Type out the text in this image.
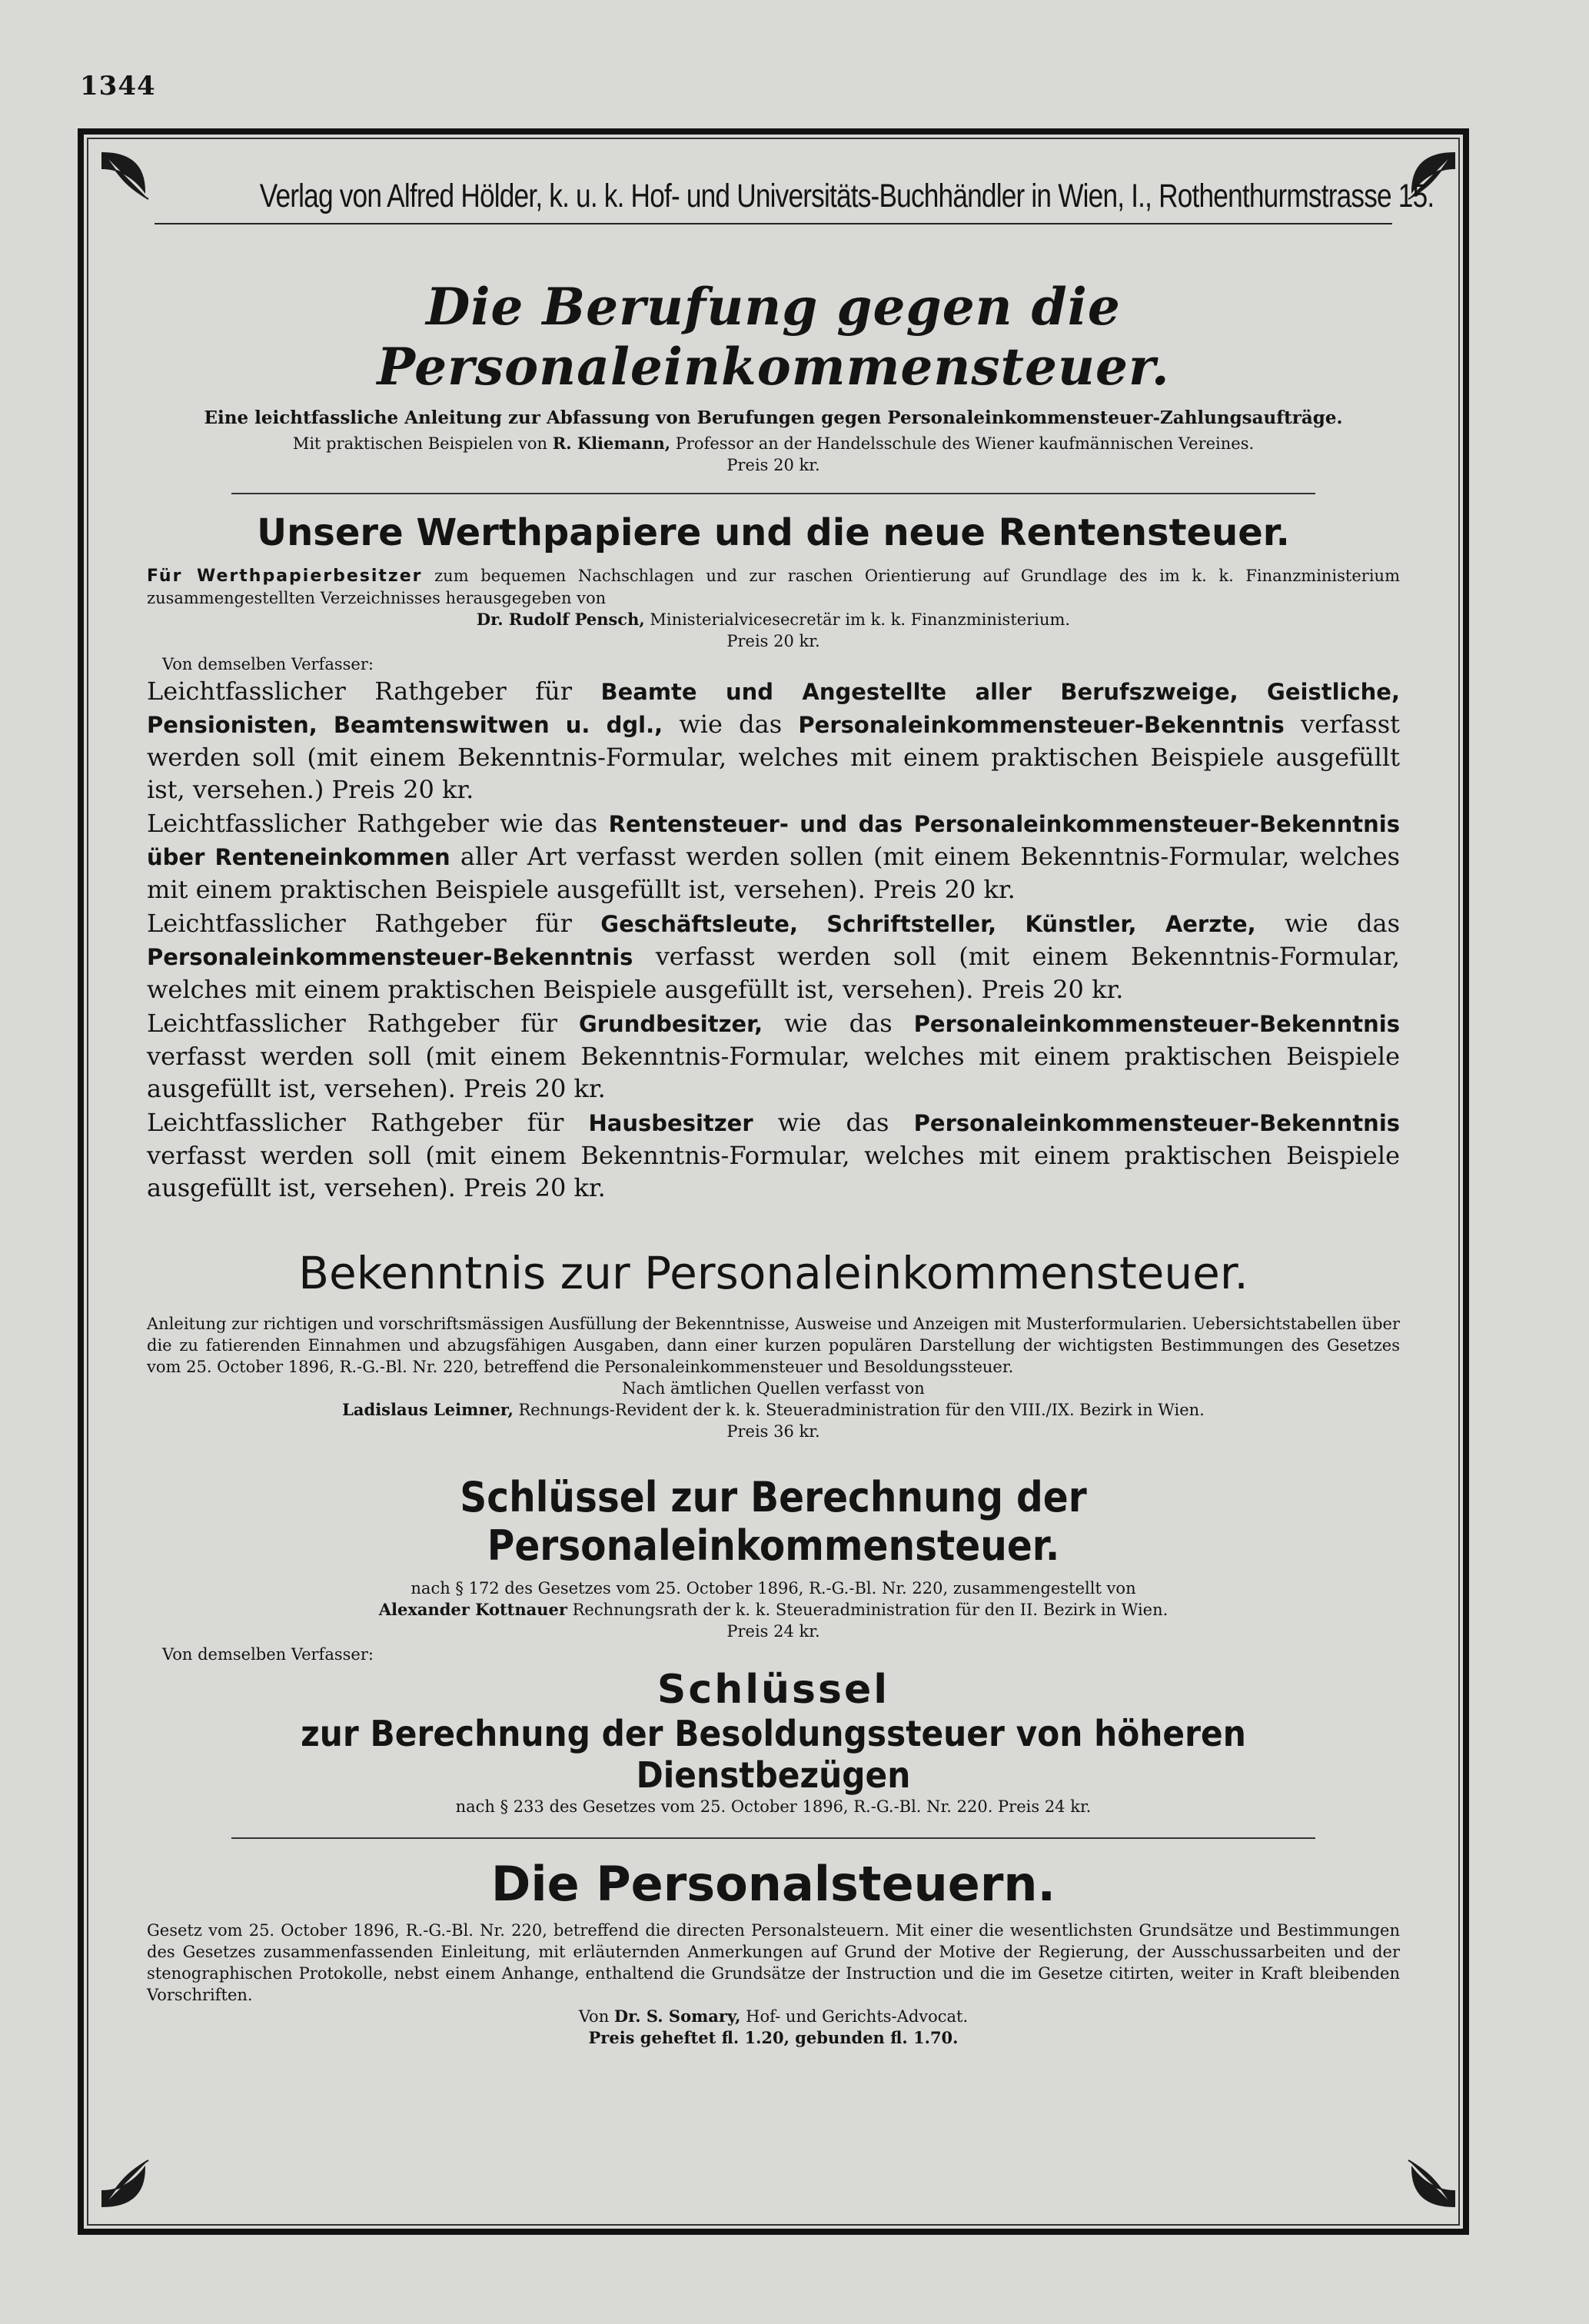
1344
Verlag von Alfred Hölder, k. u. k. Hof- und Universitäts-Buchhändler in Wien, I., Rothenthurmstrasse 15.
Die Berufung gegen die Personaleinkommensteuer.
Eine leichtfassliche Anleitung zur Abfassung von Berufungen gegen Personaleinkommensteuer-Zahlungsaufträge.
Mit praktischen Beispielen von R. Kliemann, Professor an der Handelsschule des Wiener kaufmännischen Vereines.
Preis 20 kr.
Unsere Werthpapiere und die neue Rentensteuer.
Für Werthpapierbesitzer zum bequemen Nachschlagen und zur raschen Orientierung auf Grundlage des im k. k. Finanzministerium zusammengestellten Verzeichnisses herausgegeben von
Dr. Rudolf Pensch, Ministerialvicesecretär im k. k. Finanzministerium.
Preis 20 kr.
Von demselben Verfasser:
Leichtfasslicher Rathgeber für Beamte und Angestellte aller Berufszweige, Geistliche, Pensionisten, Beamtenswitwen u. dgl., wie das Personaleinkommensteuer-Bekenntnis verfasst werden soll (mit einem Bekenntnis-Formular, welches mit einem praktischen Beispiele ausgefüllt ist, versehen.) Preis 20 kr.
Leichtfasslicher Rathgeber wie das Rentensteuer- und das Personaleinkommensteuer-Bekenntnis über Renteneinkommen aller Art verfasst werden sollen (mit einem Bekenntnis-Formular, welches mit einem praktischen Beispiele ausgefüllt ist, versehen). Preis 20 kr.
Leichtfasslicher Rathgeber für Geschäftsleute, Schriftsteller, Künstler, Aerzte, wie das Personaleinkommensteuer-Bekenntnis verfasst werden soll (mit einem Bekenntnis-Formular, welches mit einem praktischen Beispiele ausgefüllt ist, versehen). Preis 20 kr.
Leichtfasslicher Rathgeber für Grundbesitzer, wie das Personaleinkommensteuer-Bekenntnis verfasst werden soll (mit einem Bekenntnis-Formular, welches mit einem praktischen Beispiele ausgefüllt ist, versehen). Preis 20 kr.
Leichtfasslicher Rathgeber für Hausbesitzer wie das Personaleinkommensteuer-Bekenntnis verfasst werden soll (mit einem Bekenntnis-Formular, welches mit einem praktischen Beispiele ausgefüllt ist, versehen). Preis 20 kr.
Bekenntnis zur Personaleinkommensteuer.
Anleitung zur richtigen und vorschriftsmässigen Ausfüllung der Bekenntnisse, Ausweise und Anzeigen mit Musterformularien. Uebersichtstabellen über die zu fatierenden Einnahmen und abzugsfähigen Ausgaben, dann einer kurzen populären Darstellung der wichtigsten Bestimmungen des Gesetzes vom 25. October 1896, R.-G.-Bl. Nr. 220, betreffend die Personaleinkommensteuer und Besoldungssteuer.
Nach ämtlichen Quellen verfasst von
Ladislaus Leimner, Rechnungs-Revident der k. k. Steueradministration für den VIII./IX. Bezirk in Wien.
Preis 36 kr.
Schlüssel zur Berechnung der Personaleinkommensteuer.
nach § 172 des Gesetzes vom 25. October 1896, R.-G.-Bl. Nr. 220, zusammengestellt von
Alexander Kottnauer Rechnungsrath der k. k. Steueradministration für den II. Bezirk in Wien.
Preis 24 kr.
Von demselben Verfasser:
Schlüssel
zur Berechnung der Besoldungssteuer von höheren Dienstbezügen
nach § 233 des Gesetzes vom 25. October 1896, R.-G.-Bl. Nr. 220. Preis 24 kr.
Die Personalsteuern.
Gesetz vom 25. October 1896, R.-G.-Bl. Nr. 220, betreffend die directen Personalsteuern. Mit einer die wesentlichsten Grundsätze und Bestimmungen des Gesetzes zusammenfassenden Einleitung, mit erläuternden Anmerkungen auf Grund der Motive der Regierung, der Ausschussarbeiten und der stenographischen Protokolle, nebst einem Anhange, enthaltend die Grundsätze der Instruction und die im Gesetze citirten, weiter in Kraft bleibenden Vorschriften.
Von Dr. S. Somary, Hof- und Gerichts-Advocat.
Preis geheftet fl. 1.20, gebunden fl. 1.70.
